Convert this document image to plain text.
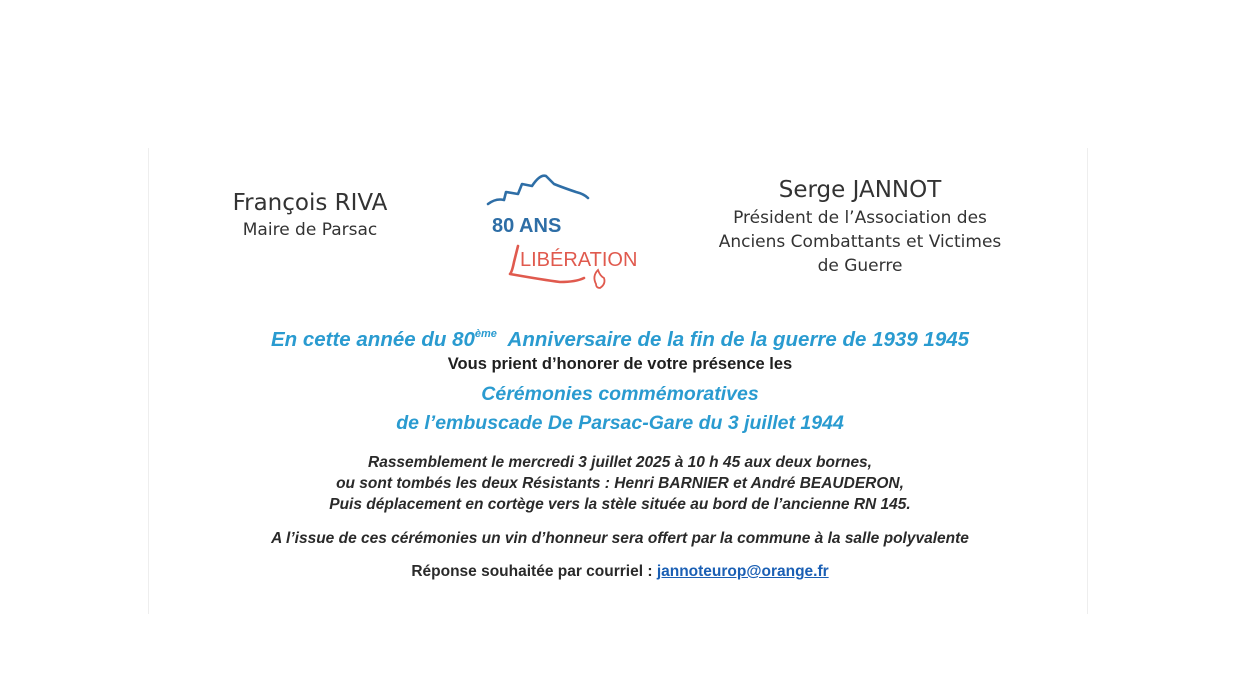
François RIVA
Maire de Parsac	80 ANS
LIBÉRATION
Serge JANNOT
Président de l’Association des
Anciens Combattants et Victimes
de Guerre
En cette année du 80ème  Anniversaire de la fin de la guerre de 1939 1945
Vous prient d’honorer de votre présence les
Cérémonies commémoratives
de l’embuscade De Parsac-Gare du 3 juillet 1944
Rassemblement le mercredi 3 juillet 2025 à 10 h 45 aux deux bornes,
ou sont tombés les deux Résistants : Henri BARNIER et André BEAUDERON,
Puis déplacement en cortège vers la stèle située au bord de l’ancienne RN 145.
A l’issue de ces cérémonies un vin d’honneur sera offert par la commune à la salle polyvalente
Réponse souhaitée par courriel : jannoteurop@orange.fr
